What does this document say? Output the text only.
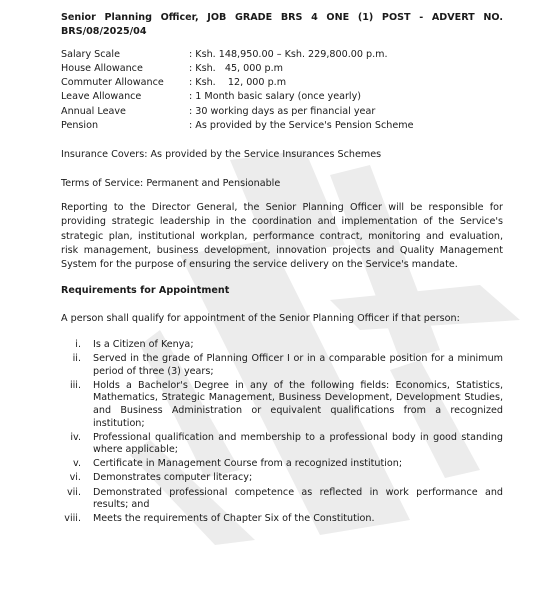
Senior Planning Officer, JOB GRADE BRS 4 ONE (1) POST - ADVERT NO.
BRS/08/2025/04
Salary Scale	: Ksh. 148,950.00 – Ksh. 229,800.00 p.m.
House Allowance	: Ksh.   45, 000 p.m
Commuter Allowance	: Ksh.    12, 000 p.m
Leave Allowance	: 1 Month basic salary (once yearly)
Annual Leave	: 30 working days as per financial year
Pension	: As provided by the Service's Pension Scheme

Insurance Covers: As provided by the Service Insurances Schemes

Terms of Service: Permanent and Pensionable

Reporting to the Director General, the Senior Planning Officer will be responsible for providing strategic leadership in the coordination and implementation of the Service's strategic plan, institutional workplan, performance contract, monitoring and evaluation, risk management, business development, innovation projects and Quality Management System for the purpose of ensuring the service delivery on the Service's mandate.

Requirements for Appointment

A person shall qualify for appointment of the Senior Planning Officer if that person:

i.	Is a Citizen of Kenya;
ii.	Served in the grade of Planning Officer I or in a comparable position for a minimum period of three (3) years;
iii.	Holds a Bachelor's Degree in any of the following fields: Economics, Statistics, Mathematics, Strategic Management, Business Development, Development Studies, and Business Administration or equivalent qualifications from a recognized institution;
iv.	Professional qualification and membership to a professional body in good standing where applicable;
v.	Certificate in Management Course from a recognized institution;
vi.	Demonstrates computer literacy;
vii.	Demonstrated professional competence as reflected in work performance and results; and
viii.	Meets the requirements of Chapter Six of the Constitution.
